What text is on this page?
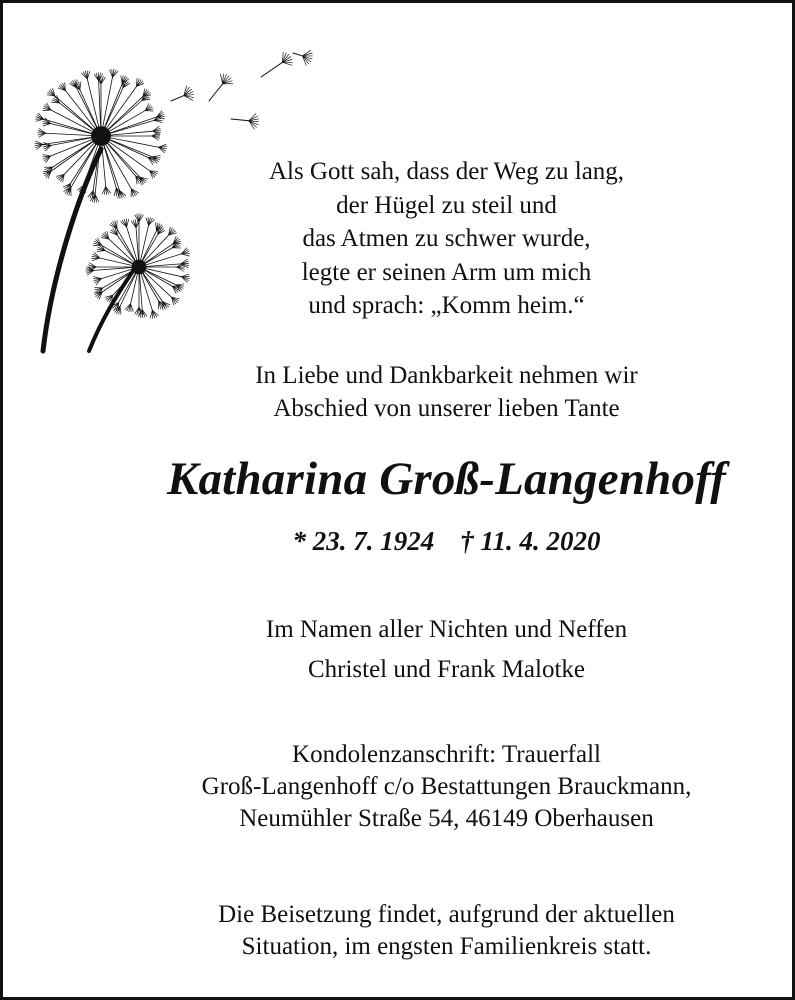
Als Gott sah, dass der Weg zu lang,
der Hügel zu steil und
das Atmen zu schwer wurde,
legte er seinen Arm um mich
und sprach: „Komm heim.“
In Liebe und Dankbarkeit nehmen wir
Abschied von unserer lieben Tante
Katharina Groß-Langenhoff
* 23. 7. 1924 † 11. 4. 2020
Im Namen aller Nichten und Neffen
Christel und Frank Malotke
Kondolenzanschrift: Trauerfall
Groß-Langenhoff c/o Bestattungen Brauckmann,
Neumühler Straße 54, 46149 Oberhausen
Die Beisetzung findet, aufgrund der aktuellen
Situation, im engsten Familienkreis statt.
